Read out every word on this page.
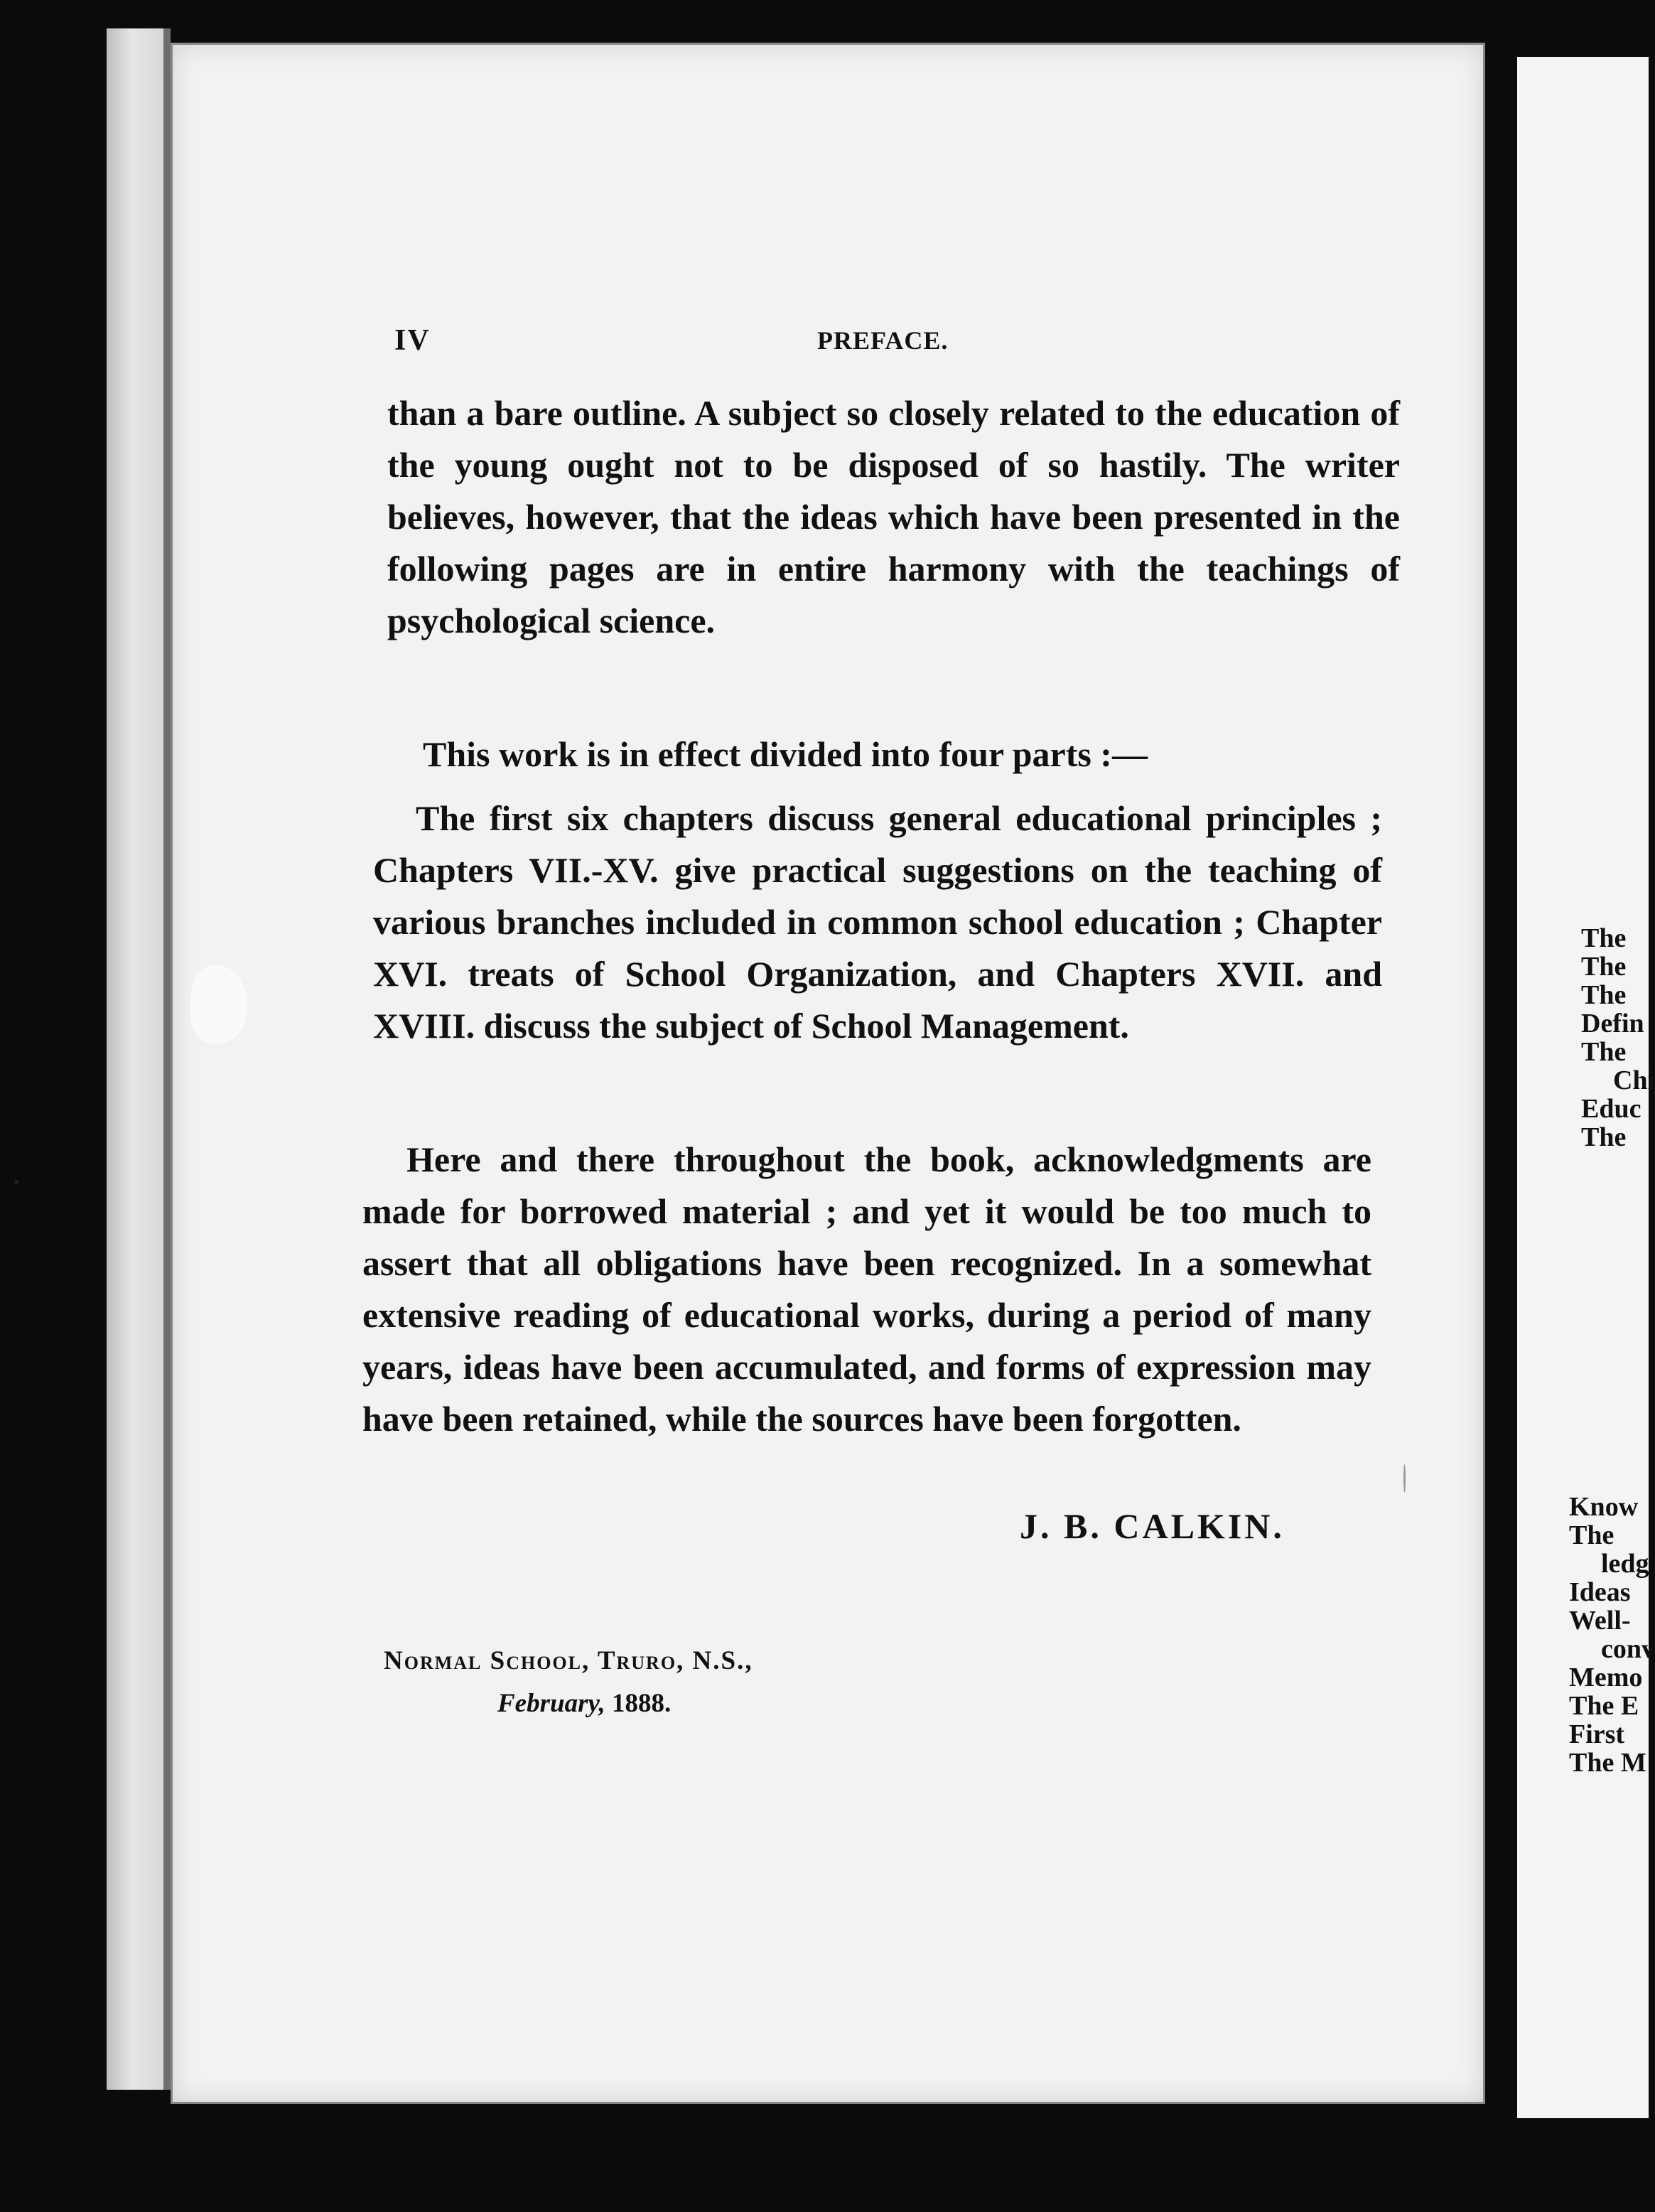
IV	PREFACE.

than a bare outline. A subject so closely related to the education of the young ought not to be disposed of so hastily. The writer believes, however, that the ideas which have been presented in the following pages are in entire harmony with the teachings of psychological science.

This work is in effect divided into four parts :—

The first six chapters discuss general educational principles ; Chapters VII.-XV. give practical suggestions on the teaching of various branches included in common school education ; Chapter XVI. treats of School Organization, and Chapters XVII. and XVIII. discuss the subject of School Management.

Here and there throughout the book, acknowledgments are made for borrowed material ; and yet it would be too much to assert that all obligations have been recognized. In a somewhat extensive reading of educational works, during a period of many years, ideas have been accumulated, and forms of expression may have been retained, while the sources have been forgotten.

J. B. CALKIN.
Normal School, Truro, N.S.,
February, 1888.
The
The
The
Defin
The
Chi
Educ
The
Know
The
ledg
Ideas
Well-
conv
Memo
The E
First
The M
